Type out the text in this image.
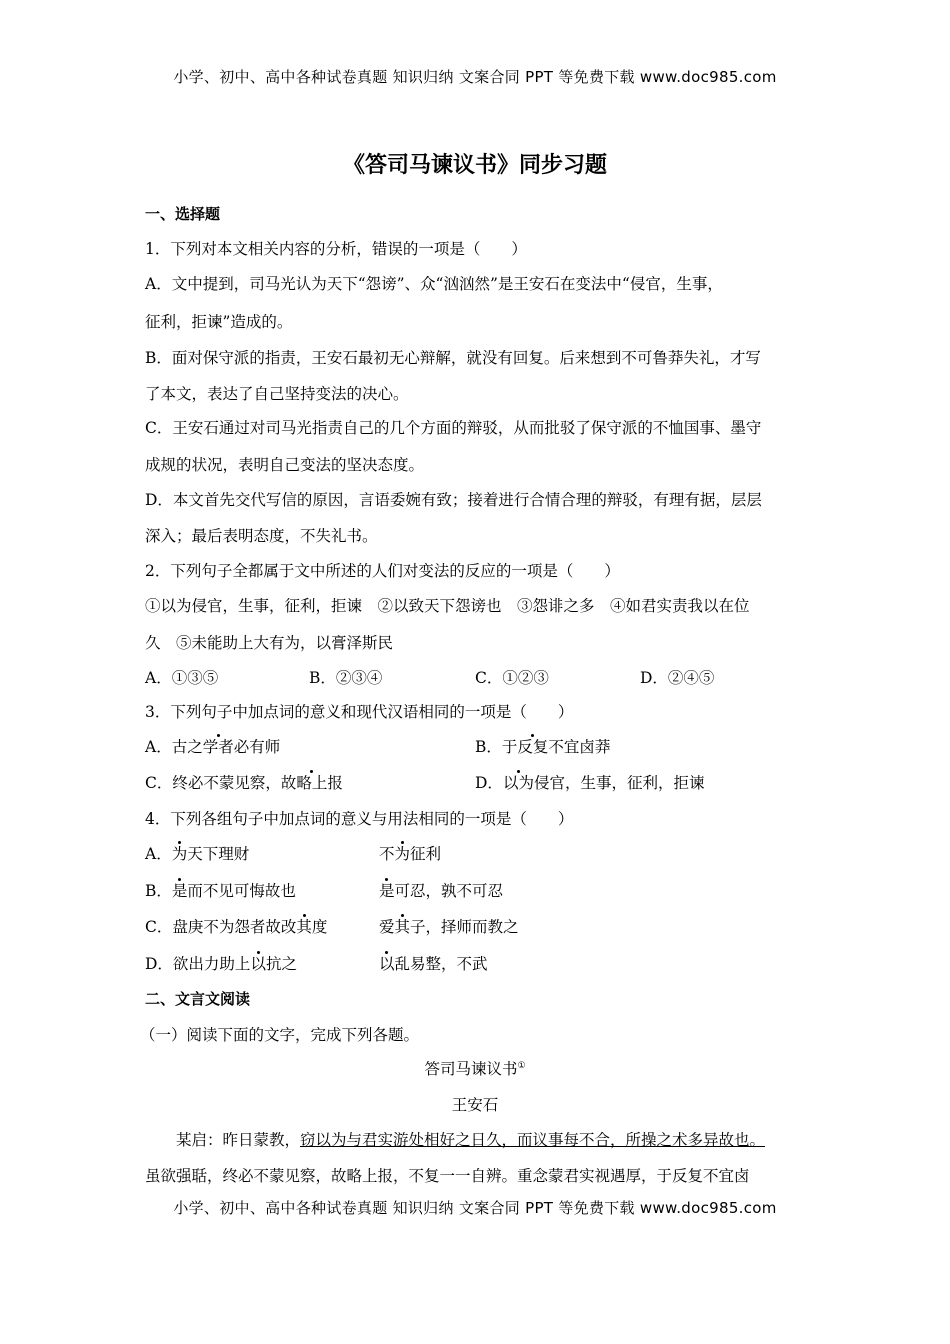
小学、初中、高中各种试卷真题 知识归纳 文案合同 PPT 等免费下载 www.doc985.com
《答司马谏议书》同步习题
一、选择题
1．下列对本文相关内容的分析，错误的一项是（　　）
A．文中提到，司马光认为天下“怨谤”、众“汹汹然”是王安石在变法中“侵官，生事，
征利，拒谏”造成的。
B．面对保守派的指责，王安石最初无心辩解，就没有回复。后来想到不可鲁莽失礼，才写
了本文，表达了自己坚持变法的决心。
C．王安石通过对司马光指责自己的几个方面的辩驳，从而批驳了保守派的不恤国事、墨守
成规的状况，表明自己变法的坚决态度。
D．本文首先交代写信的原因，言语委婉有致；接着进行合情合理的辩驳，有理有据，层层
深入；最后表明态度，不失礼书。
2．下列句子全都属于文中所述的人们对变法的反应的一项是（　　）
①以为侵官，生事，征利，拒谏　②以致天下怨谤也　③怨诽之多　④如君实责我以在位
久　⑤未能助上大有为，以膏泽斯民
A．①③⑤	B．②③④	C．①②③	D．②④⑤
3．下列句子中加点词的意义和现代汉语相同的一项是（　　）
A．古之学者必有师	B．于反复不宜卤莽
C．终必不蒙见察，故略上报	D．以为侵官，生事，征利，拒谏
4．下列各组句子中加点词的意义与用法相同的一项是（　　）
A．为天下理财	不为征利
B．是而不见可悔故也	是可忍，孰不可忍
C．盘庚不为怨者故改其度	爱其子，择师而教之
D．欲出力助上以抗之	以乱易整，不武
二、文言文阅读
（一）阅读下面的文字，完成下列各题。
答司马谏议书①
王安石
某启：昨日蒙教，窃以为与君实游处相好之日久，而议事每不合，所操之术多异故也。
虽欲强聒，终必不蒙见察，故略上报，不复一一自辨。重念蒙君实视遇厚，于反复不宜卤
小学、初中、高中各种试卷真题 知识归纳 文案合同 PPT 等免费下载 www.doc985.com
